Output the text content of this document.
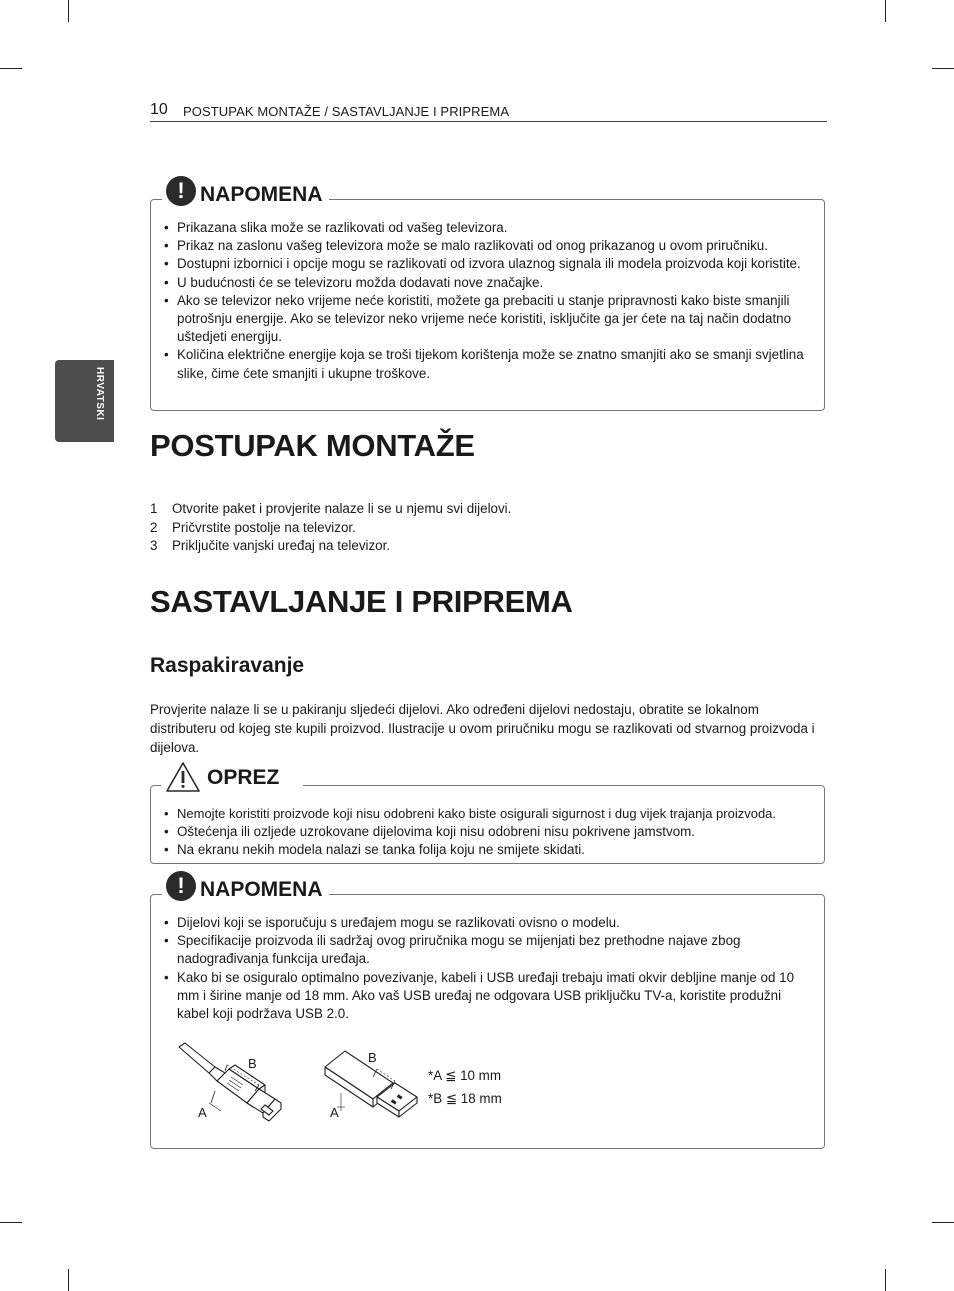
10 POSTUPAK MONTAŽE / SASTAVLJANJE I PRIPREMA
HRVATSKI
! NAPOMENA
• Prikazana slika može se razlikovati od vašeg televizora.
• Prikaz na zaslonu vašeg televizora može se malo razlikovati od onog prikazanog u ovom priručniku.
• Dostupni izbornici i opcije mogu se razlikovati od izvora ulaznog signala ili modela proizvoda koji koristite.
• U budućnosti će se televizoru možda dodavati nove značajke.
• Ako se televizor neko vrijeme neće koristiti, možete ga prebaciti u stanje pripravnosti kako biste smanjili potrošnju energije. Ako se televizor neko vrijeme neće koristiti, isključite ga jer ćete na taj način dodatno uštedjeti energiju.
• Količina električne energije koja se troši tijekom korištenja može se znatno smanjiti ako se smanji svjetlina slike, čime ćete smanjiti i ukupne troškove.
POSTUPAK MONTAŽE
1	Otvorite paket i provjerite nalaze li se u njemu svi dijelovi.
2	Pričvrstite postolje na televizor.
3	Priključite vanjski uređaj na televizor.
SASTAVLJANJE I PRIPREMA
Raspakiravanje

Provjerite nalaze li se u pakiranju sljedeći dijelovi. Ako određeni dijelovi nedostaju, obratite se lokalnom distributeru od kojeg ste kupili proizvod. Ilustracije u ovom priručniku mogu se razlikovati od stvarnog proizvoda i dijelova.

OPREZ
• Nemojte koristiti proizvode koji nisu odobreni kako biste osigurali sigurnost i dug vijek trajanja proizvoda.
• Oštećenja ili ozljede uzrokovane dijelovima koji nisu odobreni nisu pokrivene jamstvom.
• Na ekranu nekih modela nalazi se tanka folija koju ne smijete skidati.
! NAPOMENA
• Dijelovi koji se isporučuju s uređajem mogu se razlikovati ovisno o modelu.
• Specifikacije proizvoda ili sadržaj ovog priručnika mogu se mijenjati bez prethodne najave zbog nadograđivanja funkcija uređaja.
• Kako bi se osiguralo optimalno povezivanje, kabeli i USB uređaji trebaju imati okvir debljine manje od 10 mm i širine manje od 18 mm. Ako vaš USB uređaj ne odgovara USB priključku TV-a, koristite produžni kabel koji podržava USB 2.0.
B
A
B
A
*A ≦ 10 mm
*B ≦ 18 mm
